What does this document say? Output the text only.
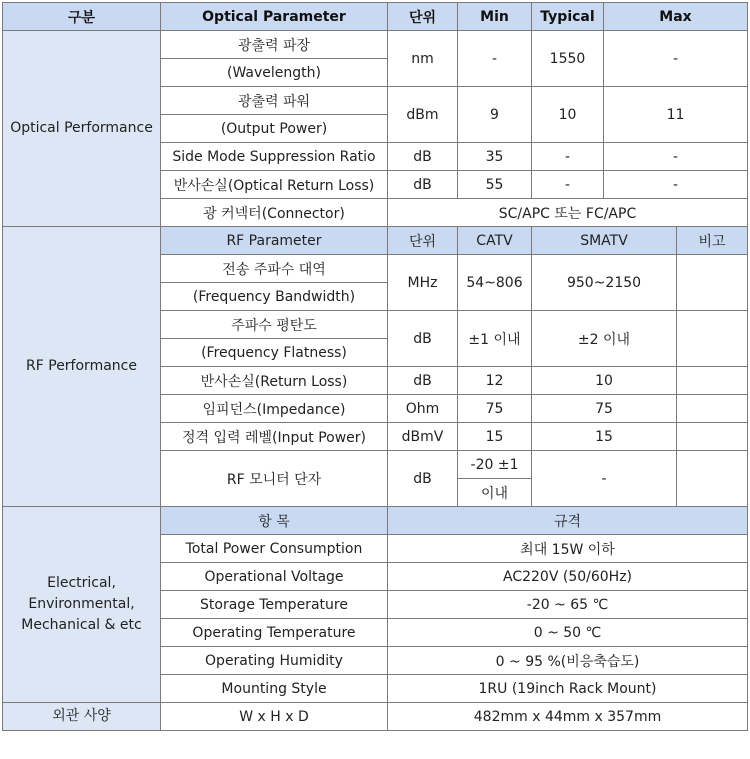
구분	Optical Parameter	단위	Min	Typical	Max	
Optical Performance	광출력 파장	nm	-	1550	-	
	(Wavelength)					
	광출력 파워	dBm	9	10	11	
	(Output Power)					
	Side Mode Suppression Ratio	dB	35	-	-	
	반사손실(Optical Return Loss)	dB	55	-	-	
	광 커넥터(Connector)	SC/APC 또는 FC/APC				
RF Performance	RF Parameter	단위	CATV	SMATV		비고
	전송 주파수 대역	MHz	54~806	950~2150		
	(Frequency Bandwidth)					
	주파수 평탄도	dB	±1 이내	±2 이내		
	(Frequency Flatness)					
	반사손실(Return Loss)	dB	12	10		
	임피던스(Impedance)	Ohm	75	75		
	정격 입력 레벨(Input Power)	dBmV	15	15		
	RF 모니터 단자	dB	-20 ±1	-		
			이내			
Electrical, Environmental, Mechanical & etc	항 목	규격				
	Total Power Consumption	최대 15W 이하				
	Operational Voltage	AC220V (50/60Hz)				
	Storage Temperature	-20 ~ 65 ℃				
	Operating Temperature	0 ~ 50 ℃				
	Operating Humidity	0 ~ 95 %(비응축습도)				
	Mounting Style	1RU (19inch Rack Mount)				
외관 사양	W x H x D	482mm x 44mm x 357mm				
